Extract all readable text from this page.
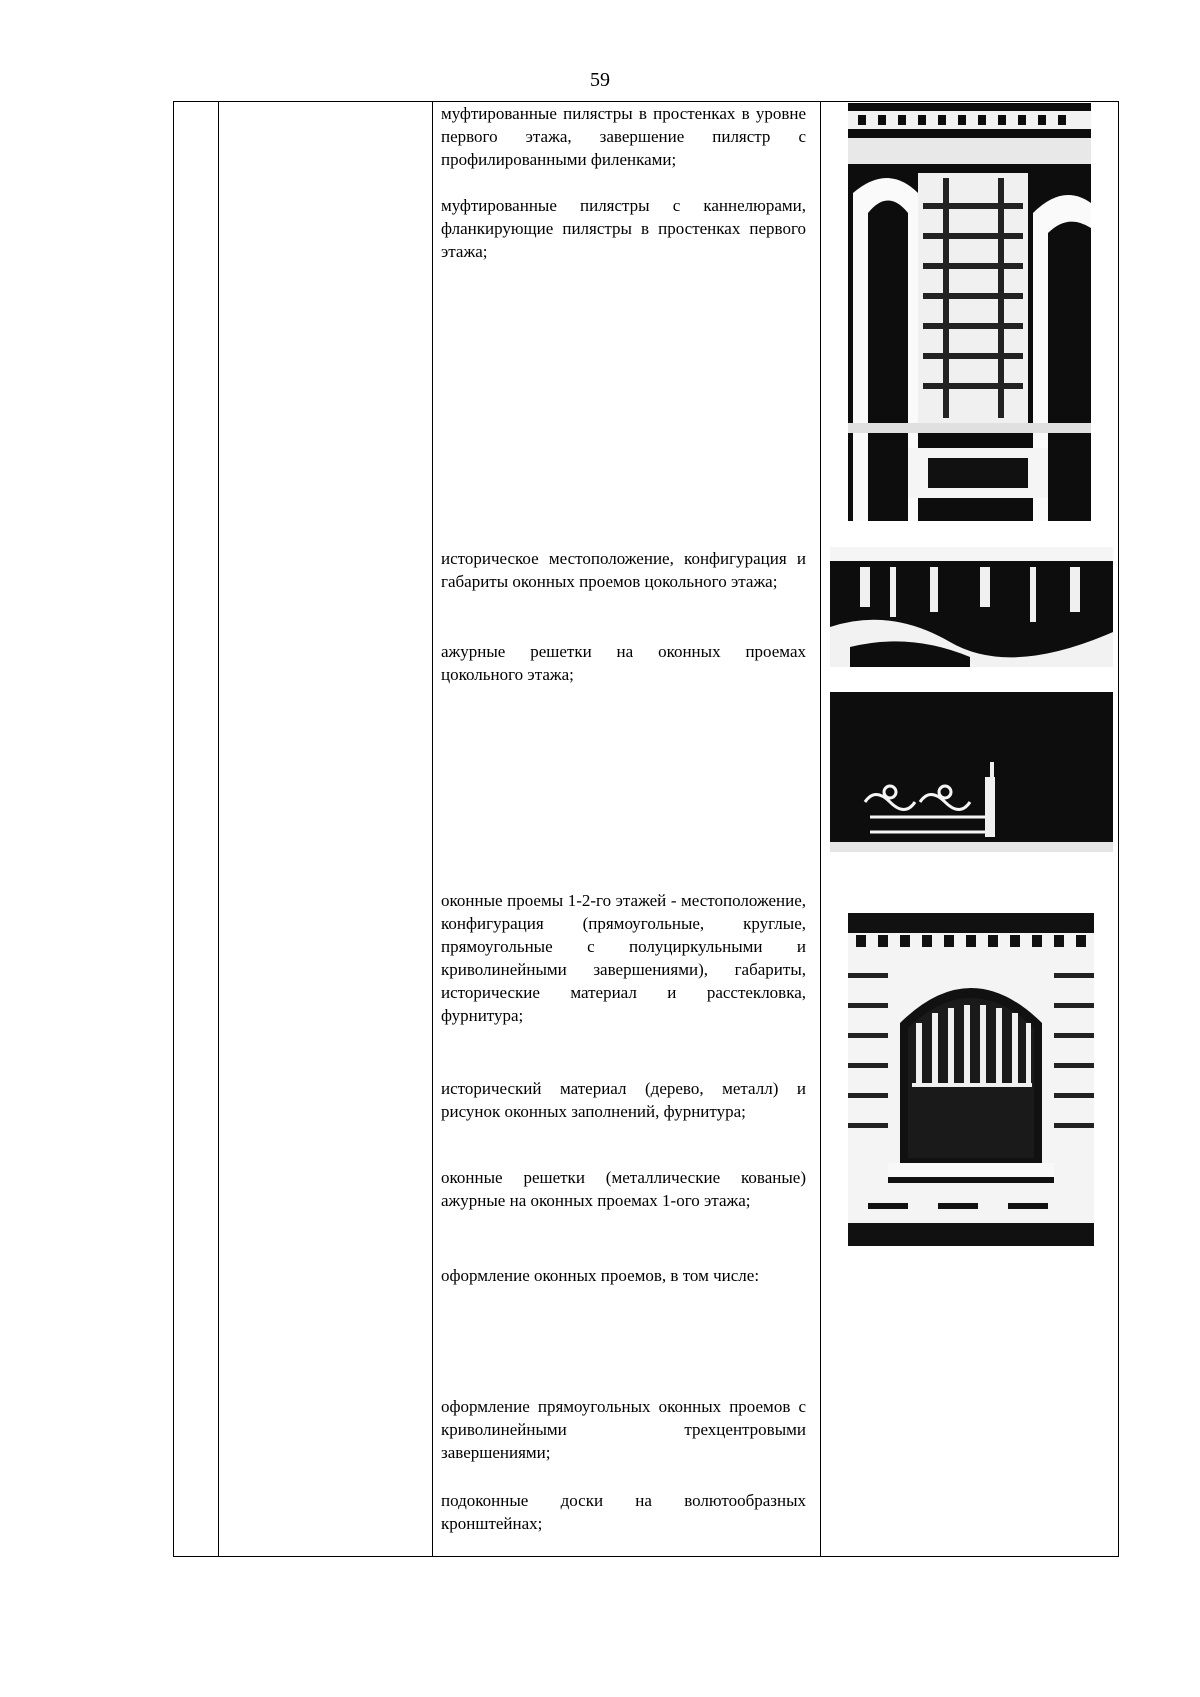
59

муфтированные пилястры в простенках в уровне первого этажа, завершение пилястр с профилированными филенками;

муфтированные пилястры с каннелюрами, фланкирующие пилястры в простенках первого этажа;

историческое местоположение, конфигурация и габариты оконных проемов цокольного этажа;

ажурные решетки на оконных проемах цокольного этажа;

оконные проемы 1-2-го этажей - местоположение, конфигурация (прямоугольные, круглые, прямоугольные с полуциркульными и криволинейными завершениями), габариты, исторические материал и расстекловка, фурнитура;

исторический материал (дерево, металл) и рисунок оконных заполнений, фурнитура;

оконные решетки (металлические кованые) ажурные на оконных проемах 1-ого этажа;

оформление оконных проемов, в том числе:

оформление прямоугольных оконных проемов с криволинейными трехцентровыми завершениями;

подоконные доски на волютообразных кронштейнах;
